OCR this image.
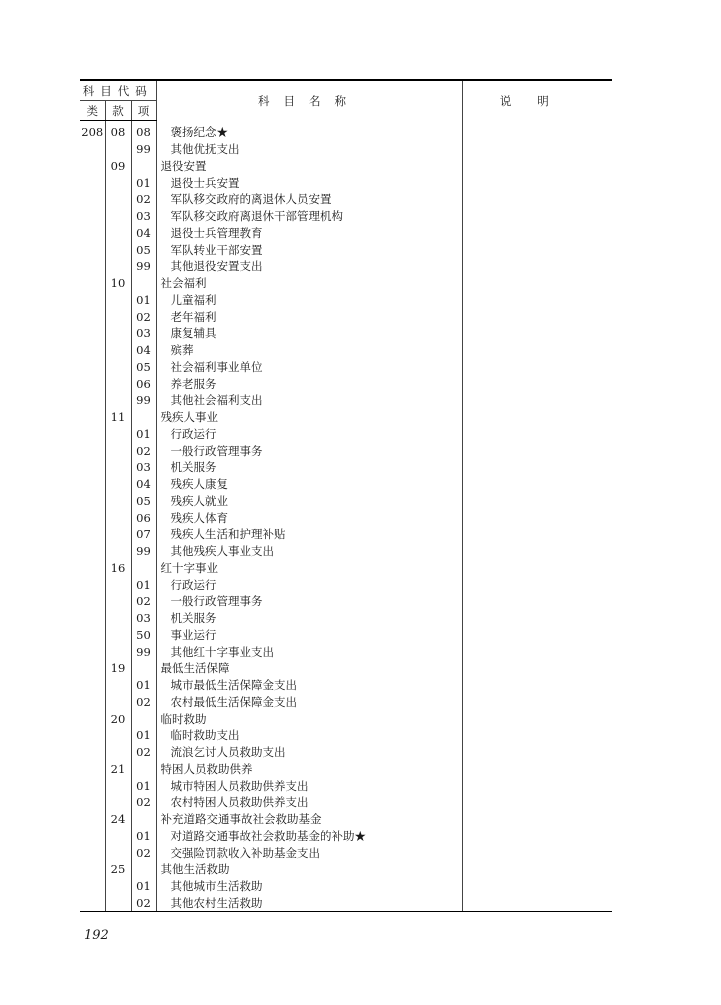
科目代码			科目名称	说明
类	款	项		
208	08	08	褒扬纪念★	
		99	其他优抚支出	
	09		退役安置	
		01	退役士兵安置	
		02	军队移交政府的离退休人员安置	
		03	军队移交政府离退休干部管理机构	
		04	退役士兵管理教育	
		05	军队转业干部安置	
		99	其他退役安置支出	
	10		社会福利	
		01	儿童福利	
		02	老年福利	
		03	康复辅具	
		04	殡葬	
		05	社会福利事业单位	
		06	养老服务	
		99	其他社会福利支出	
	11		残疾人事业	
		01	行政运行	
		02	一般行政管理事务	
		03	机关服务	
		04	残疾人康复	
		05	残疾人就业	
		06	残疾人体育	
		07	残疾人生活和护理补贴	
		99	其他残疾人事业支出	
	16		红十字事业	
		01	行政运行	
		02	一般行政管理事务	
		03	机关服务	
		50	事业运行	
		99	其他红十字事业支出	
	19		最低生活保障	
		01	城市最低生活保障金支出	
		02	农村最低生活保障金支出	
	20		临时救助	
		01	临时救助支出	
		02	流浪乞讨人员救助支出	
	21		特困人员救助供养	
		01	城市特困人员救助供养支出	
		02	农村特困人员救助供养支出	
	24		补充道路交通事故社会救助基金	
		01	对道路交通事故社会救助基金的补助★	
		02	交强险罚款收入补助基金支出	
	25		其他生活救助	
		01	其他城市生活救助	
		02	其他农村生活救助	
192
